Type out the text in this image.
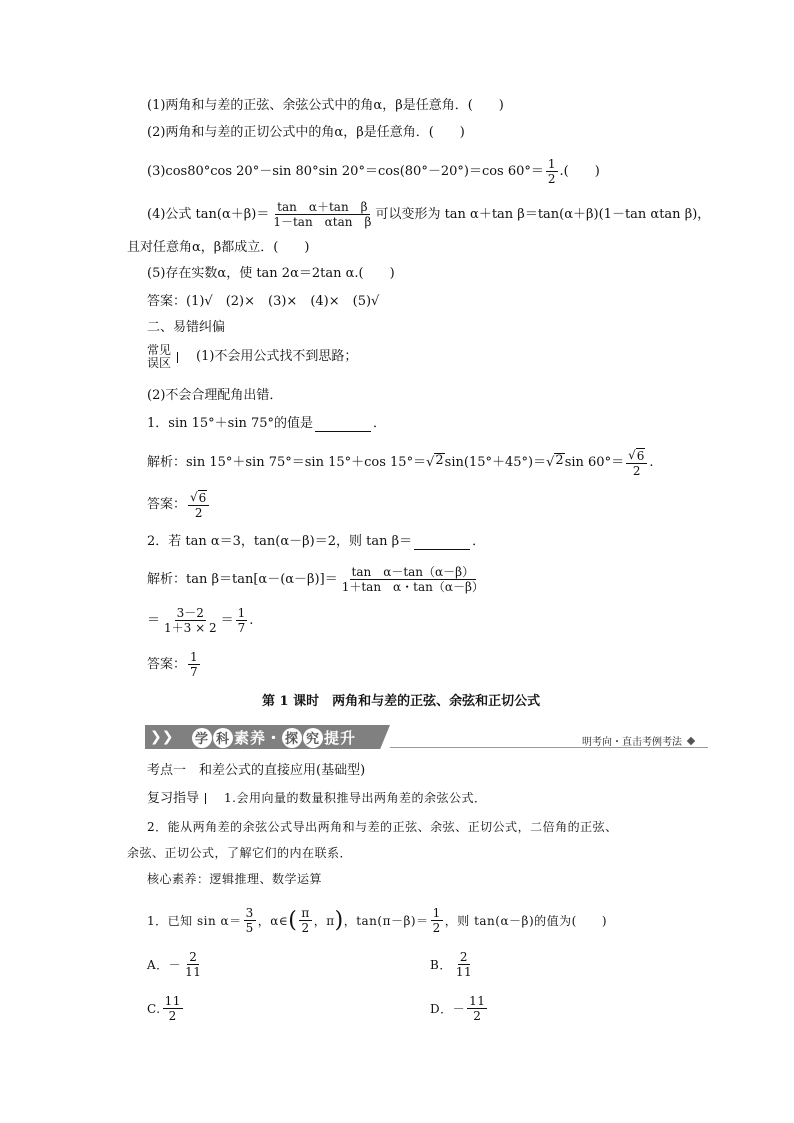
(1)两角和与差的正弦、余弦公式中的角α，β是任意角．(　　)
(2)两角和与差的正切公式中的角α，β是任意角．(　　)
(3)cos80°cos 20°－sin 80°sin 20°＝cos(80°－20°)＝cos $60^\circ= \frac{1}{2}$ .(　　)
(4)公式 $\tan(\alpha+\beta)= \frac{\text{tan　α＋tan　β}}{\text{1－tan　αtan　β}}$ 可以变形为 tan α＋tan β＝tan(α＋β)(1－tan αtan β)，
且对任意角α，β都成立．(　　)
(5)存在实数α，使 tan 2α＝2tan α.(　　)
答案：(1)√　(2)×　(3)×　(4)×　(5)√
二、易错纠偏
常见
误区 (1)不会用公式找不到思路；
(2)不会合理配角出错．
1．sin 15°＋sin 75°的值是	．
解析：sin 15°＋sin 75°＝sin 15°＋cos 15°＝ √ 2 sin(15°＋45°)＝ √ 2 $\sin 60^\circ= \frac{√ 6}{2}$ .
答案： $\frac{√ 6}{2}$
2．若 tan α＝3，tan(α－β)＝2，则 tan β＝	．
解析：$\tan \beta=\tan[\alpha-(\alpha-\beta)]= \frac{\text{tan　α－tan（α－β）}}{\text{1＋tan　α・tan（α－β）}}$
＝ $\frac{3-2}{1+3 \times 2} = \frac{1}{7}$ .
答案： $\frac{1}{7}$
第 1 课时　两角和与差的正弦、余弦和正切公式
❯❯ 学 科 素养・ 探 究 提升	明考向・直击考例考法
考点一　和差公式的直接应用(基础型)
复习指导 1.会用向量的数量积推导出两角差的余弦公式．
2．能从两角差的余弦公式导出两角和与差的正弦、余弦、正切公式，二倍角的正弦、
余弦、正切公式，了解它们的内在联系．
核心素养：逻辑推理、数学运算
1．已知 $\sin \alpha= \frac{3}{5}$ ，α∈ ( $\frac{\pi}{2}$ ，π ) ，$\tan(\pi-\beta)= \frac{1}{2}$ ，则 tan(α－β)的值为(　　)
A．－ $\frac{2}{11}$	B． $\frac{2}{11}$
C. $\frac{11}{2}$	D．－ $\frac{11}{2}$
